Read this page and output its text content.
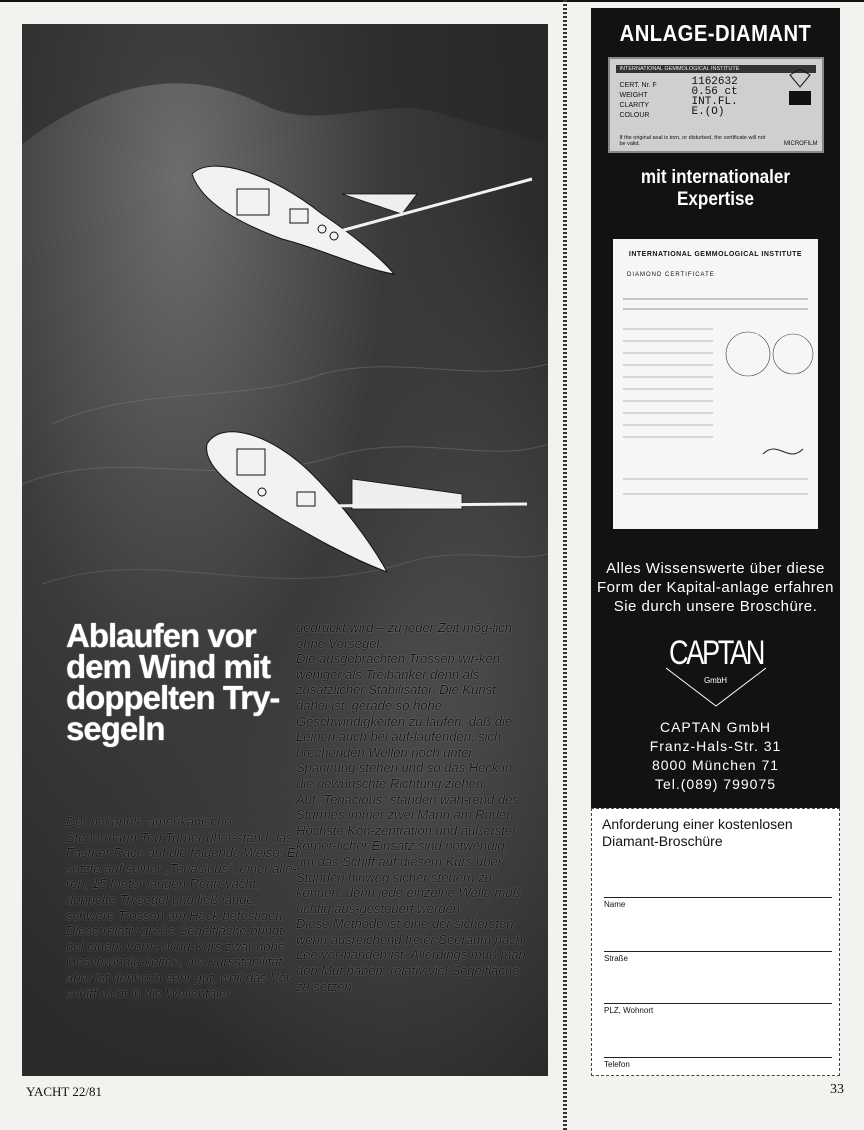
Ablaufen vor dem Wind mit doppelten Try-segeln

Der bekannte amerikanische Steuermann Ted Turner über-stand das Fastnet-Race auf die folgende Weise: Er setzte auf seiner „Tenacious“, einer alle-ren, 15 Meter langen Renn-yacht, doppelte Trysegel und ließ lange, schwere Trossen am Heck befestigen.

Diese relativ große Segelfläche bringt bei einem Vorm-Wind-Kurs zwar hohe Geschwindig-keiten, die Kursstabilität aber ist dennoch sehr gut, weil das Vor-schiff nicht in die Wellentäler

gedrückt wird – zu jeder Zeit mög-lich ohne Vorsegel.

Die ausgebrachten Trossen wir-ken weniger als Treibanker denn als zusätzlicher Stabilisator. Die Kunst dabei ist, gerade so hohe Geschwindigkeiten zu laufen, daß die Leinen auch bei auf-laufenden, sich brechenden Wellen noch unter Spannung stehen und so das Heck in die gewünschte Richtung ziehen.

Auf „Tenacious“ standen wäh-rend des Sturmes immer zwei Mann am Ruder. Höchste Kon-zentration und äußerster körper-licher Einsatz sind notwendig, um das Schiff auf diesem Kurs über Stunden hinweg sicher steuern zu können, denn jede einzelne Welle muß richtig aus-gesteuert werden.

Diese Methode ist eine der sichersten, wenn ausreichend freier Seeraum nach Lee vor-handen ist. Allerdings muß man den Mut haben, relativ viel Segelfläche zu setzen.

YACHT 22/81	33
ANLAGE-DIAMANT
INTERNATIONAL GEMMOLOGICAL INSTITUTE
CERT. Nr. F
WEIGHT
CLARITY
COLOUR
1162632
0.56 ct
INT.FL.
E.(O)
If the original seal is torn, or disturbed, the certificate will not be valid.	MICROFILM
mit internationaler Expertise
INTERNATIONAL GEMMOLOGICAL INSTITUTE
DIAMOND CERTIFICATE
Alles Wissenswerte über diese Form der Kapital-anlage erfahren Sie durch unsere Broschüre.
CAPTAN
GmbH
CAPTAN GmbH
Franz-Hals-Str. 31
8000 München 71
Tel.(089) 799075
Anforderung einer kostenlosen Diamant-Broschüre
Name
Straße
PLZ, Wohnort
Telefon
